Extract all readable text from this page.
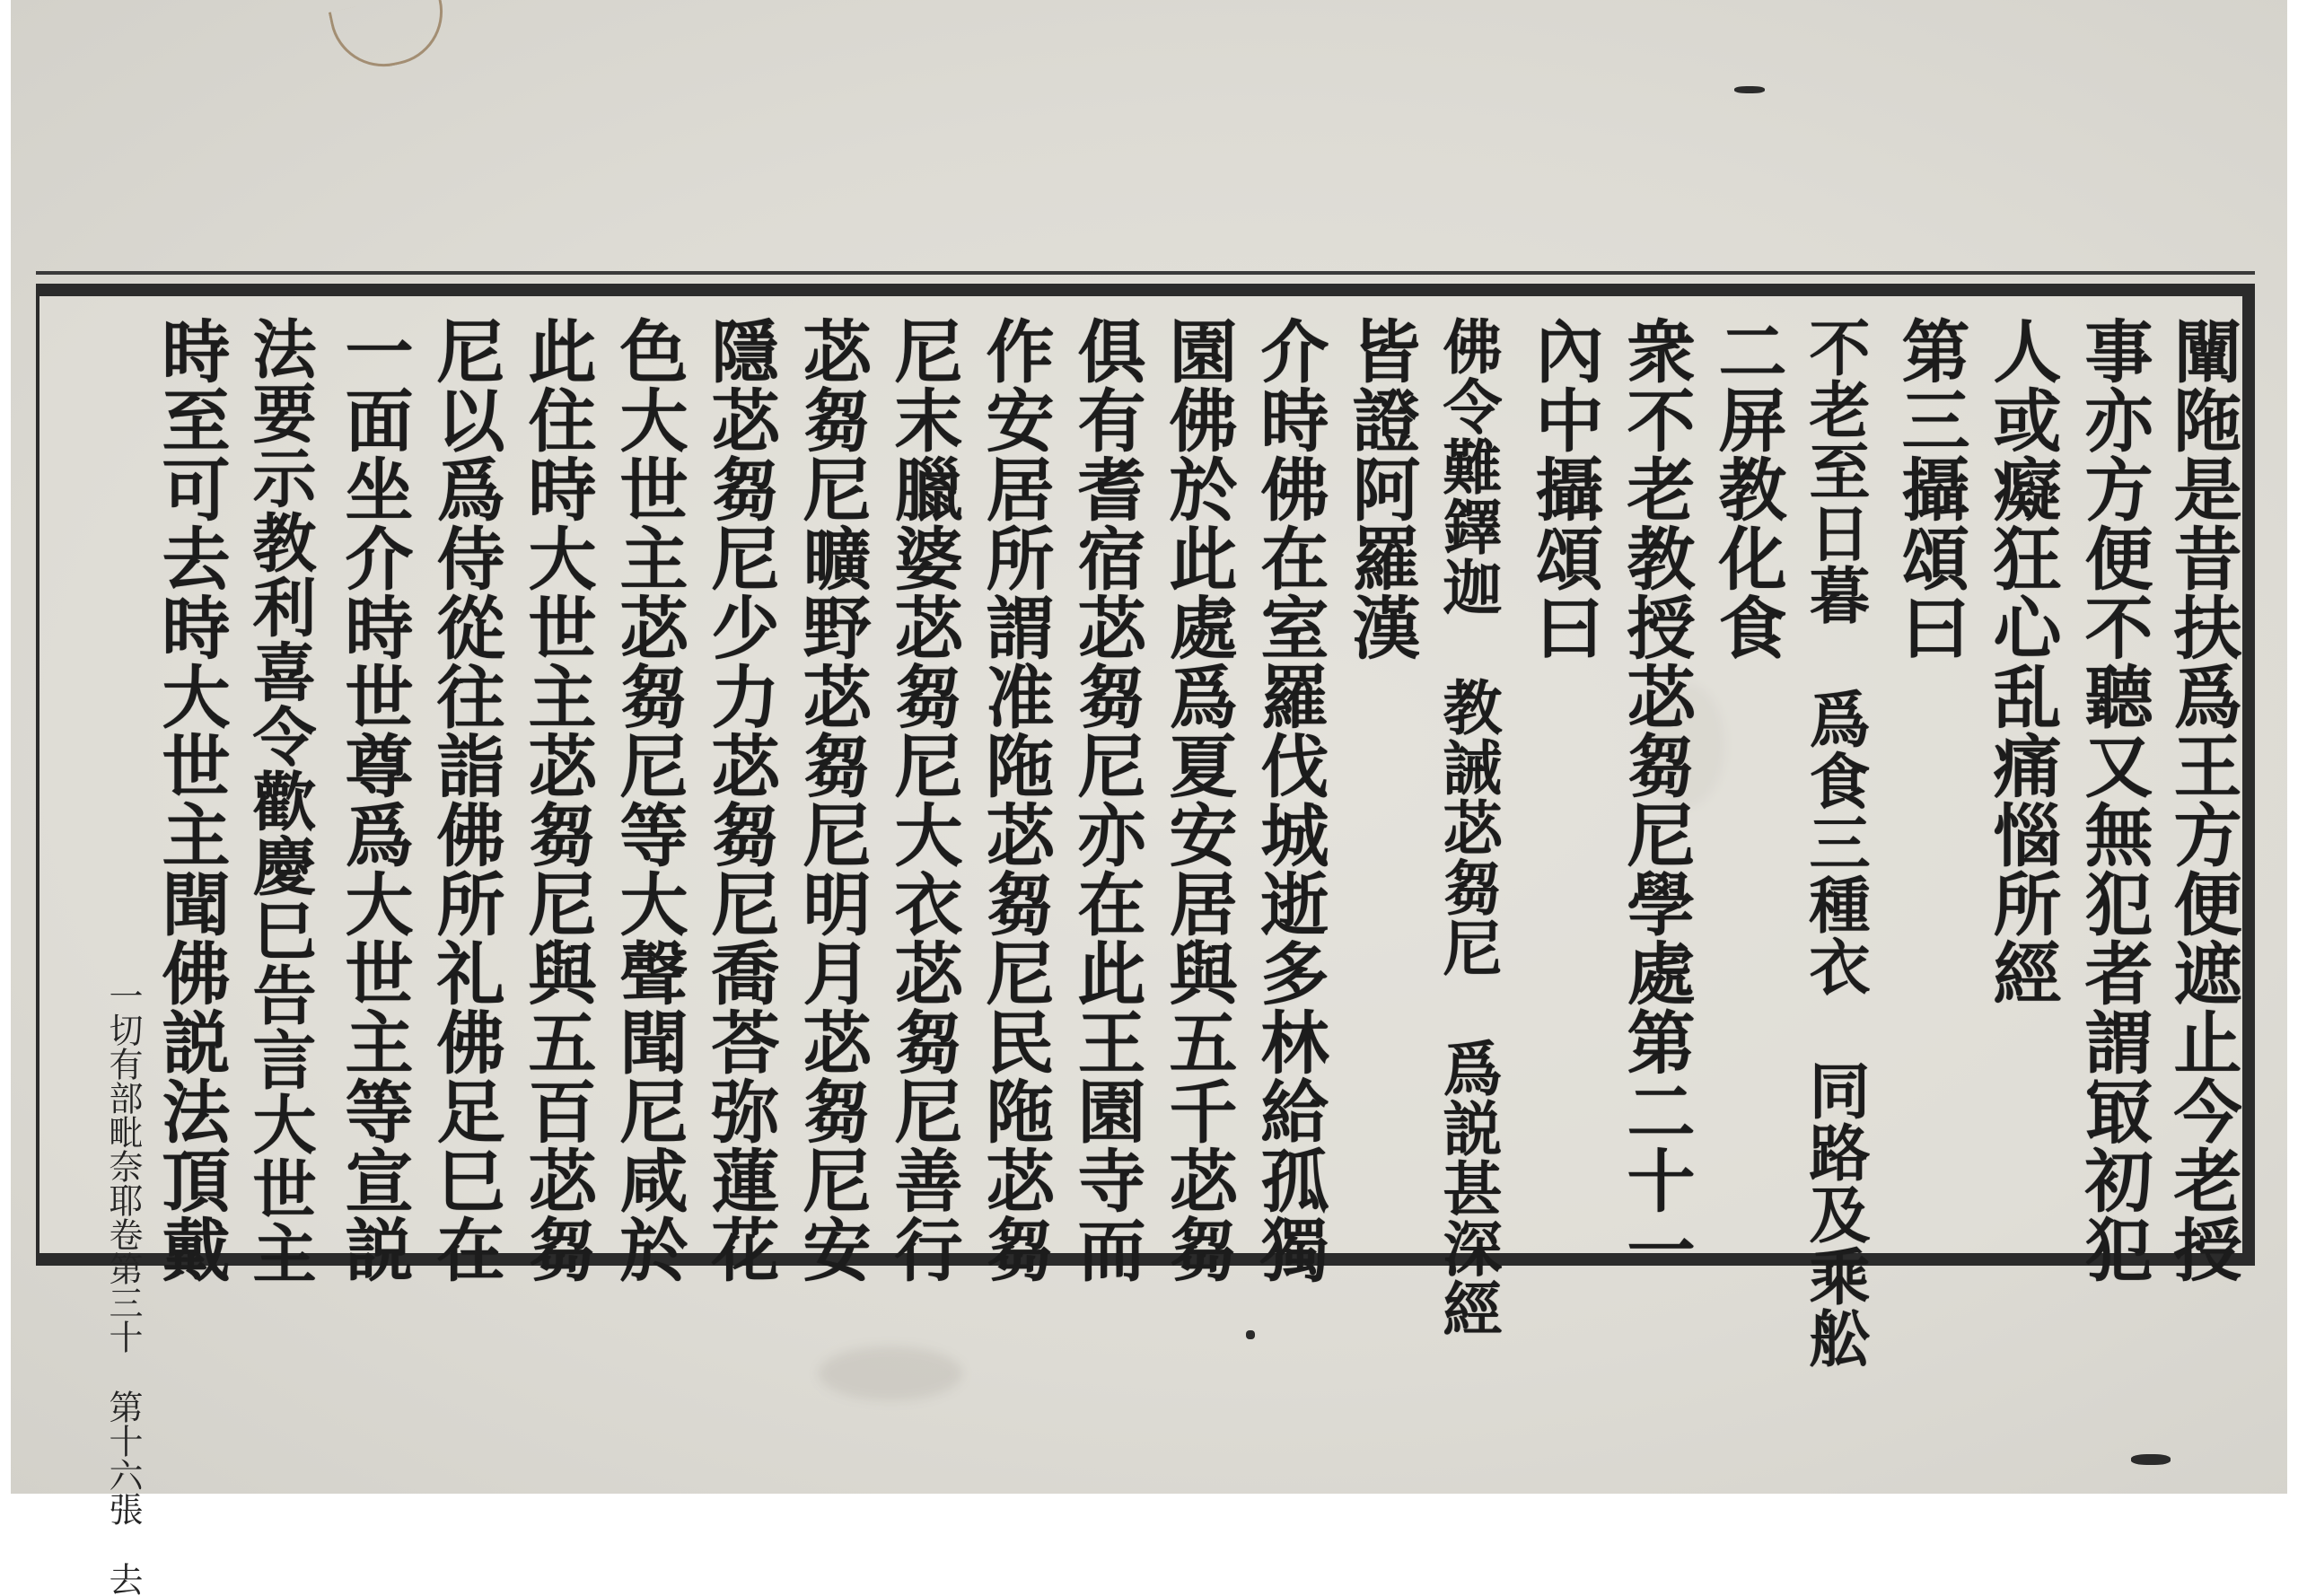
闡陁是昔扶爲王方便遮止今老授
事亦方便不聽又無犯者謂冣初犯
人或癡狂心乱痛惱所經
第三攝頌曰
不老至日暮　爲食三種衣　同路及乘舩
二屏教化食
衆不老教授苾芻尼學處第二十一
內中攝頌曰
佛令難鐸迦　教誡苾芻尼　爲説甚深經
皆證阿羅漢
介時佛在室羅伐城逝多林給孤獨
園佛於此處爲夏安居與五千苾芻
俱有耆宿苾芻尼亦在此王園寺而
作安居所謂准陁苾芻尼民陁苾芻
尼末臘婆苾芻尼大衣苾芻尼善行
苾芻尼曠野苾芻尼明月苾芻尼安
隱苾芻尼少力苾芻尼喬荅弥蓮花
色大世主苾芻尼等大聲聞尼咸於
此住時大世主苾芻尼與五百苾芻
尼以爲侍從往詣佛所礼佛足巳在
一面坐介時世尊爲大世主等宣説
法要示教利喜令歡慶巳告言大世主
時至可去時大世主聞佛説法頂戴
一切有部毗奈耶卷第三十
第十六張
去
